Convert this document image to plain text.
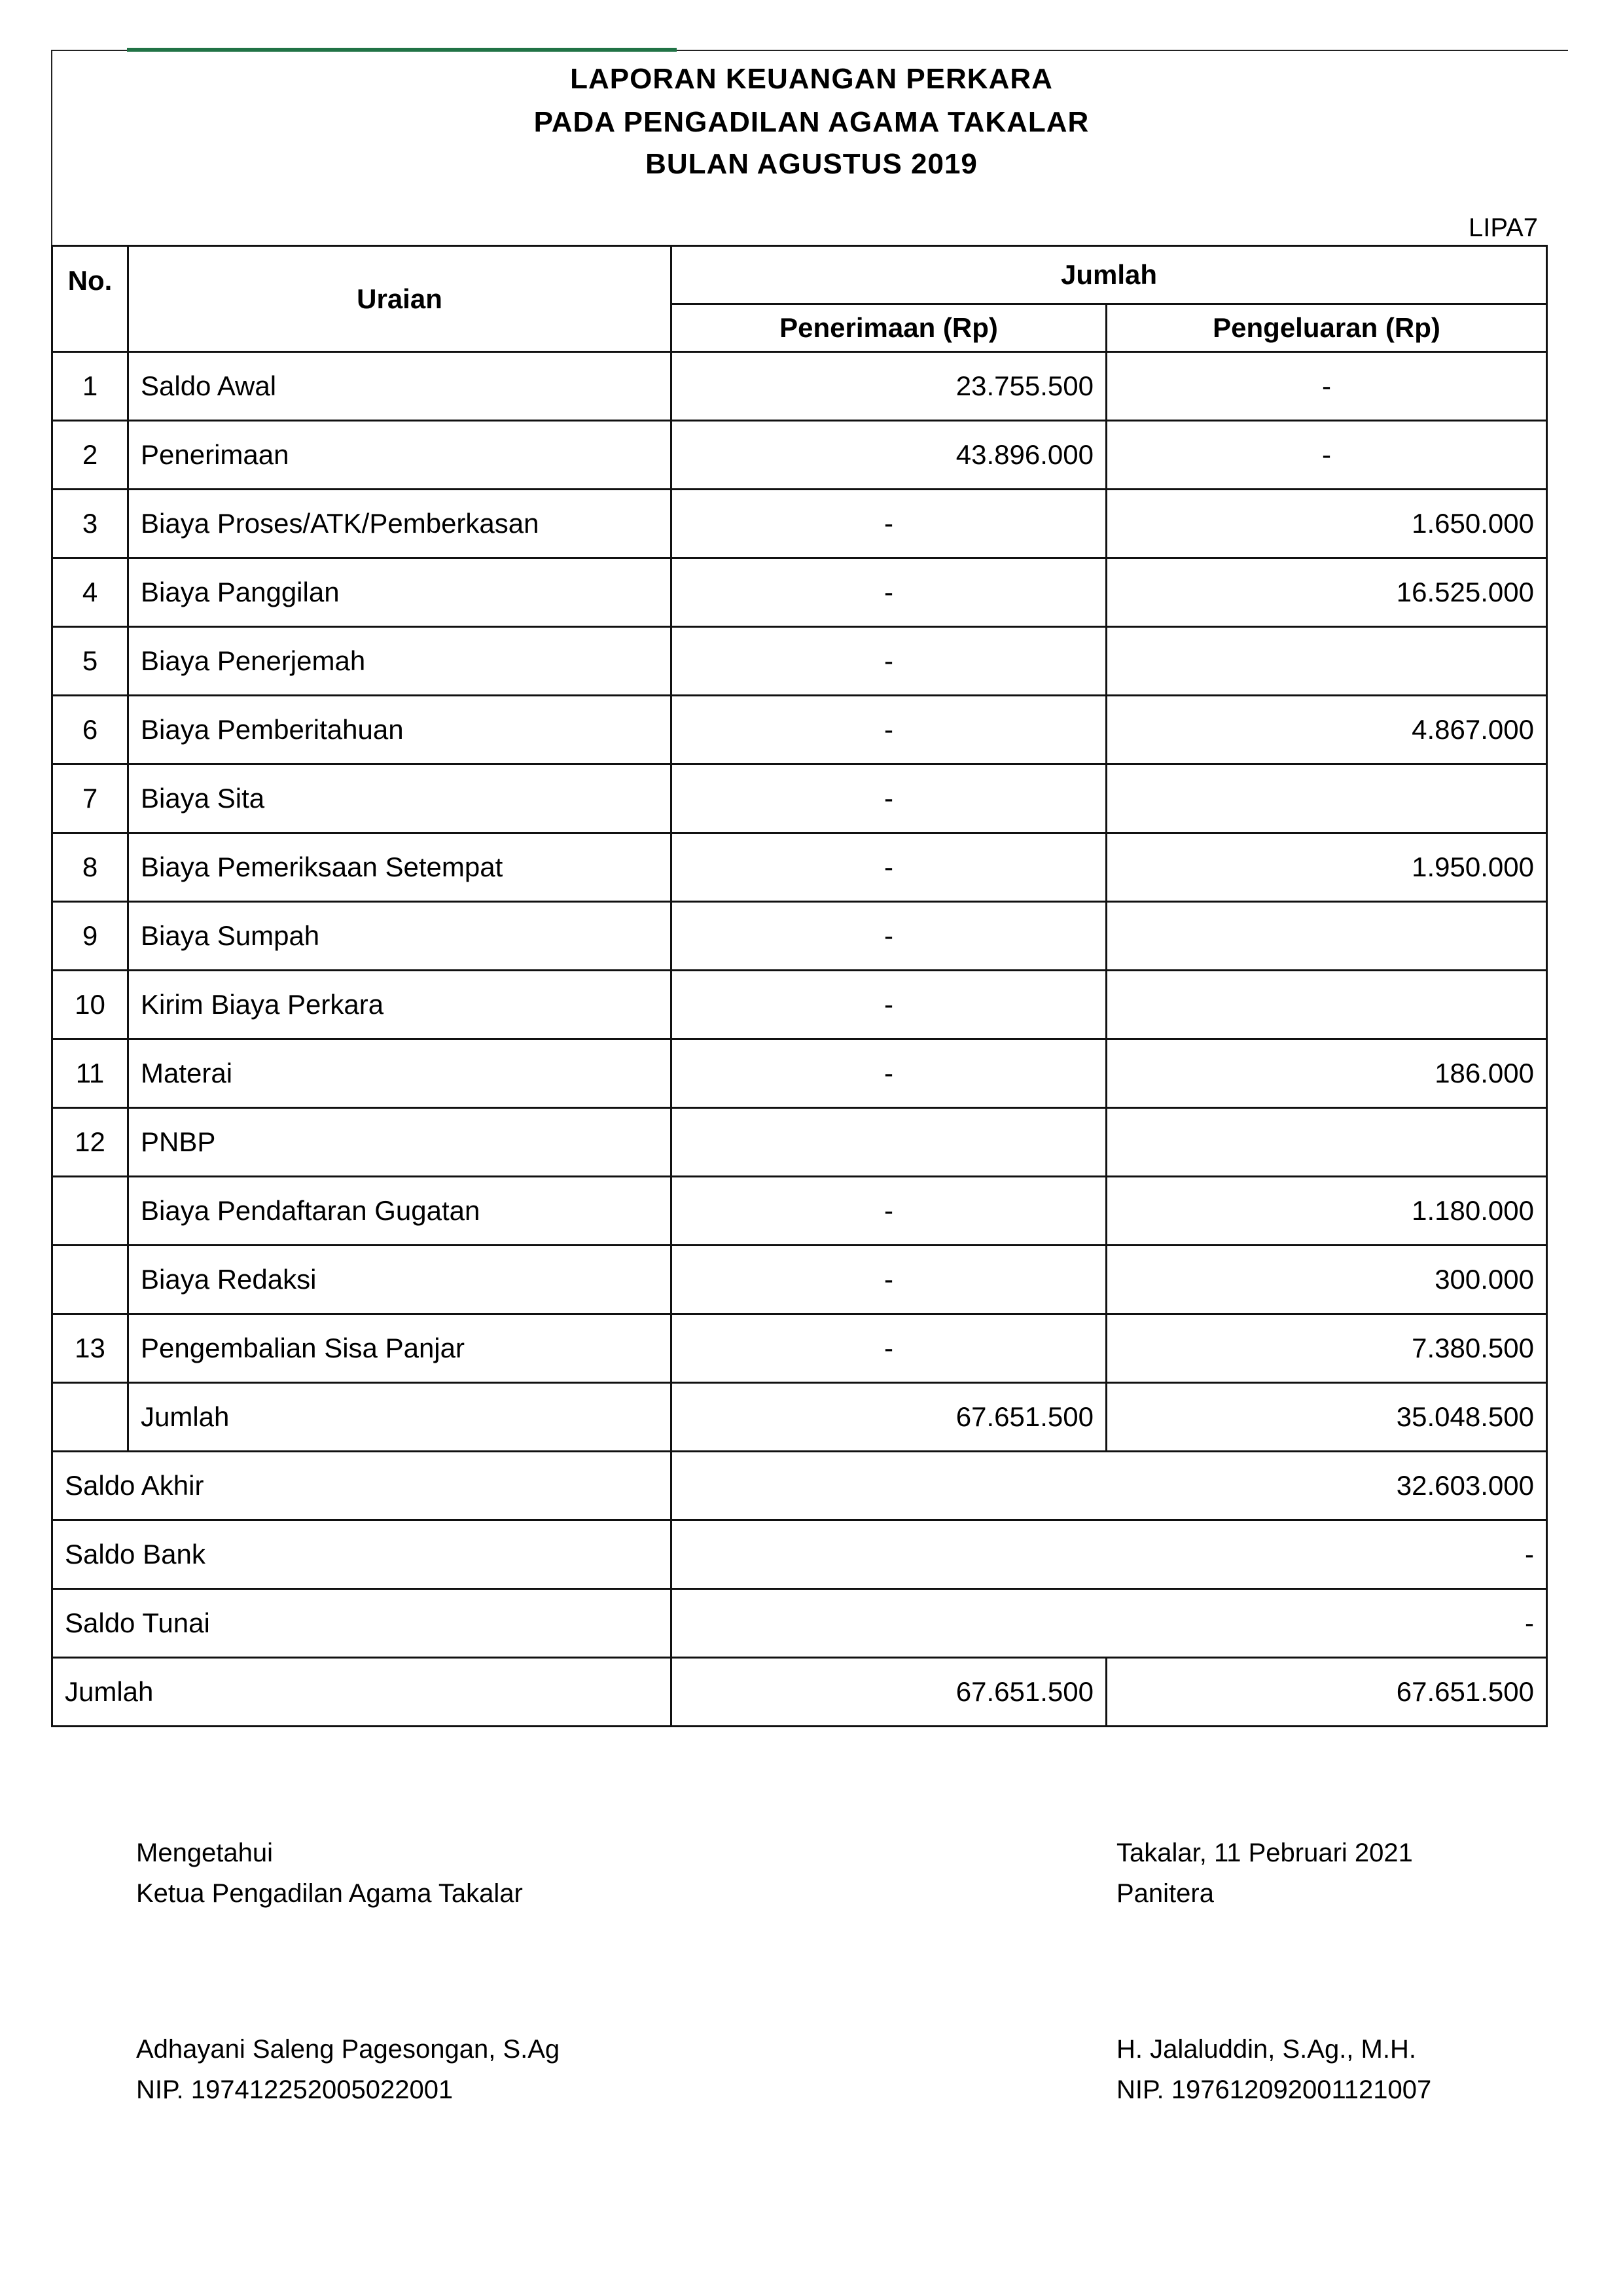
LAPORAN KEUANGAN PERKARA
PADA PENGADILAN AGAMA TAKALAR
BULAN AGUSTUS 2019
LIPA7
No.	Uraian	Jumlah	
		Penerimaan (Rp)	Pengeluaran (Rp)
1	Saldo Awal	23.755.500	-
2	Penerimaan	43.896.000	-
3	Biaya Proses/ATK/Pemberkasan	-	1.650.000
4	Biaya Panggilan	-	16.525.000
5	Biaya Penerjemah	-	
6	Biaya Pemberitahuan	-	4.867.000
7	Biaya Sita	-	
8	Biaya Pemeriksaan Setempat	-	1.950.000
9	Biaya Sumpah	-	
10	Kirim Biaya Perkara	-	
11	Materai	-	186.000
12	PNBP		
	Biaya Pendaftaran Gugatan	-	1.180.000
	Biaya Redaksi	-	300.000
13	Pengembalian Sisa Panjar	-	7.380.500
	Jumlah	67.651.500	35.048.500
Saldo Akhir		32.603.000	
Saldo Bank		-	
Saldo Tunai		-	
Jumlah		67.651.500	67.651.500
Mengetahui
Ketua Pengadilan Agama Takalar
Takalar, 11 Pebruari 2021
Panitera
Adhayani Saleng Pagesongan, S.Ag
NIP. 197412252005022001
H. Jalaluddin, S.Ag., M.H.
NIP. 197612092001121007
